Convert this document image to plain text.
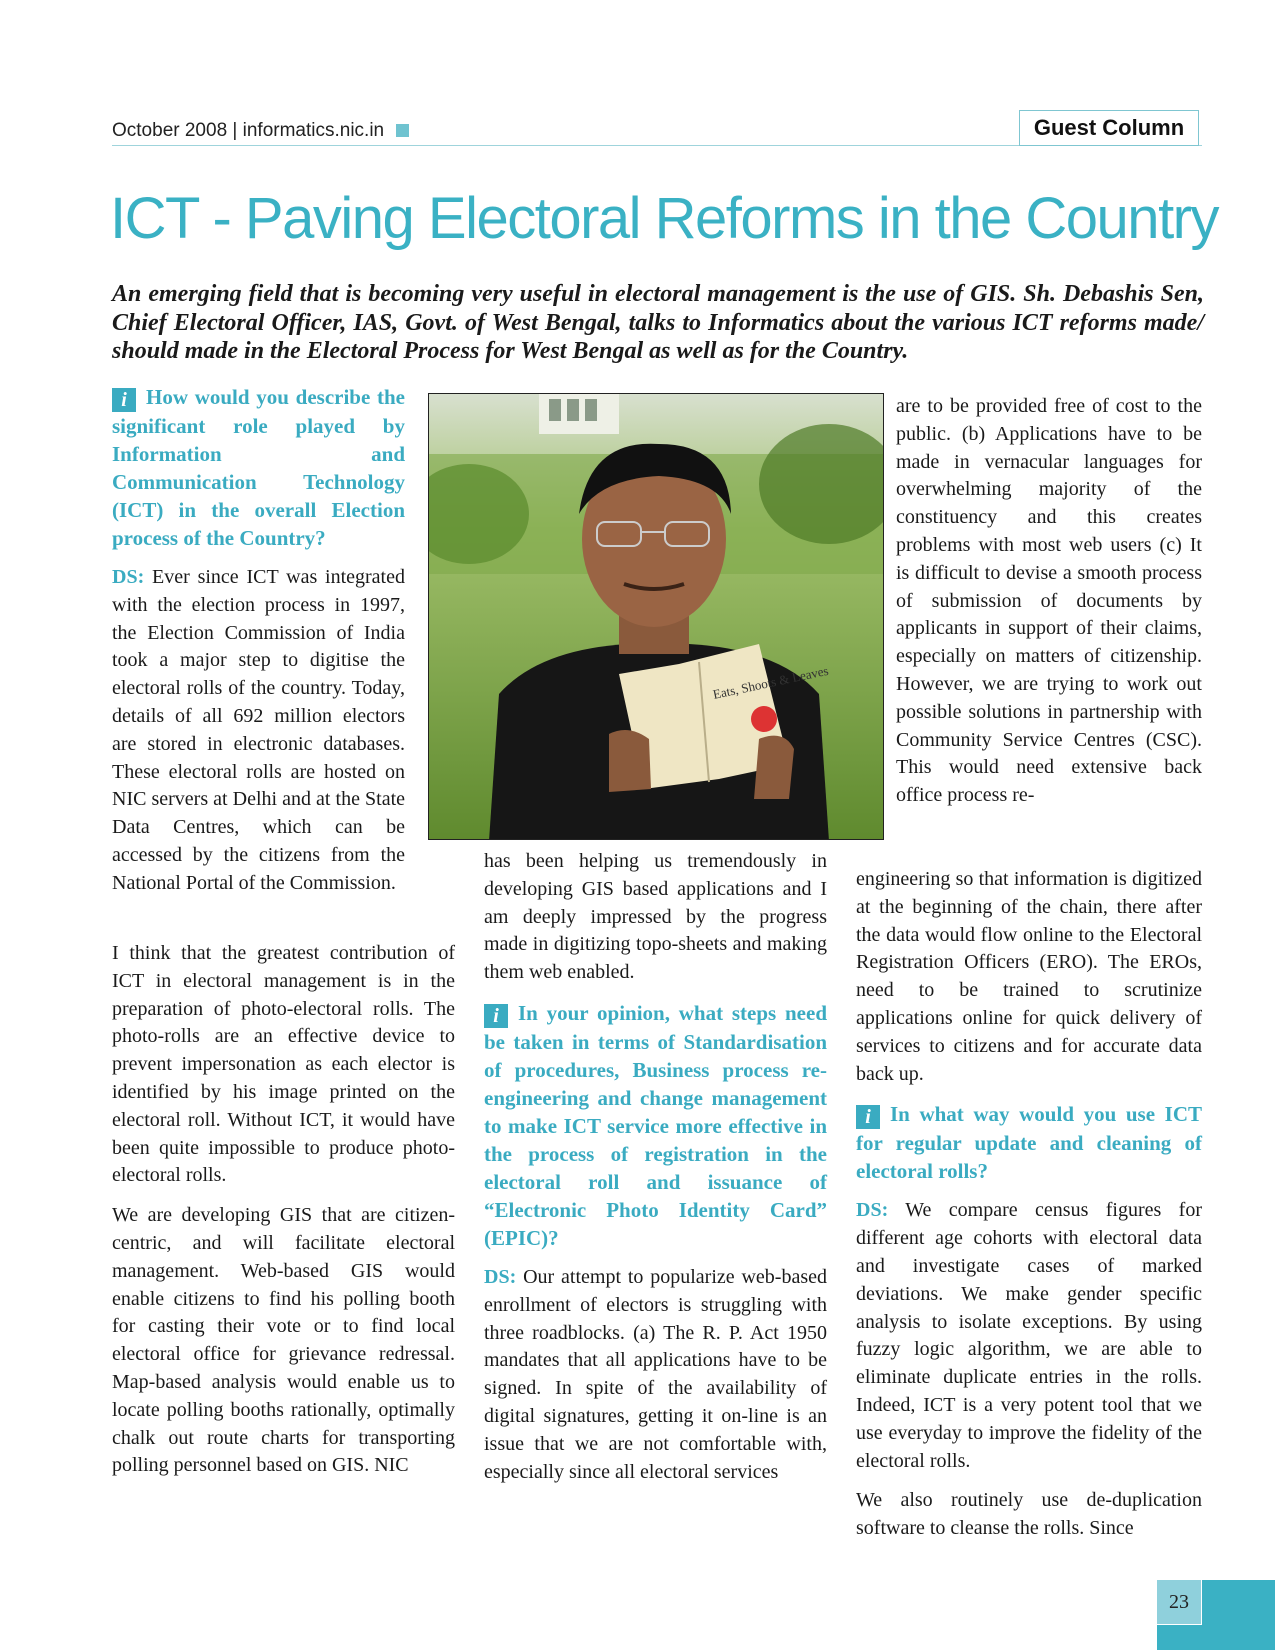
October 2008 | informatics.nic.in	Guest Column
ICT - Paving Electoral Reforms in the Country
An emerging field that is becoming very useful in electoral management is the use of GIS. Sh. Debashis Sen, Chief Electoral Officer, IAS, Govt. of West Bengal, talks to Informatics about the various ICT reforms made/ should made in the Electoral Process for West Bengal as well as for the Country.
Eats, Shoots & Leaves

i How would you describe the significant role played by Information and Communication Technology (ICT) in the overall Election process of the Country?

DS: Ever since ICT was integrated with the election process in 1997, the Election Commission of India took a major step to digitise the electoral rolls of the country. Today, details of all 692 million electors are stored in electronic databases. These electoral rolls are hosted on NIC servers at Delhi and at the State Data Centres, which can be accessed by the citizens from the National Portal of the Commission.

I think that the greatest contribution of ICT in electoral management is in the preparation of photo-electoral rolls. The photo-rolls are an effective device to prevent impersonation as each elector is identified by his image printed on the electoral roll. Without ICT, it would have been quite impossible to produce photo-electoral rolls.

We are developing GIS that are citizen-centric, and will facilitate electoral management. Web-based GIS would enable citizens to find his polling booth for casting their vote or to find local electoral office for grievance redressal. Map-based analysis would enable us to locate polling booths rationally, optimally chalk out route charts for transporting polling personnel based on GIS. NIC

has been helping us tremendously in developing GIS based applications and I am deeply impressed by the progress made in digitizing topo-sheets and making them web enabled.

i In your opinion, what steps need be taken in terms of Standardisation of procedures, Business process re-engineering and change management to make ICT service more effective in the process of registration in the electoral roll and issuance of “Electronic Photo Identity Card” (EPIC)?

DS: Our attempt to popularize web-based enrollment of electors is struggling with three roadblocks. (a) The R. P. Act 1950 mandates that all applications have to be signed. In spite of the availability of digital signatures, getting it on-line is an issue that we are not comfortable with, especially since all electoral services

are to be provided free of cost to the public. (b) Applications have to be made in vernacular languages for overwhelming majority of the constituency and this creates problems with most web users (c) It is difficult to devise a smooth process of submission of documents by applicants in support of their claims, especially on matters of citizenship. However, we are trying to work out possible solutions in partnership with Community Service Centres (CSC). This would need extensive back office process re-

engineering so that information is digitized at the beginning of the chain, there after the data would flow online to the Electoral Registration Officers (ERO). The EROs, need to be trained to scrutinize applications online for quick delivery of services to citizens and for accurate data back up.

i In what way would you use ICT for regular update and cleaning of electoral rolls?

DS: We compare census figures for different age cohorts with electoral data and investigate cases of marked deviations. We make gender specific analysis to isolate exceptions. By using fuzzy logic algorithm, we are able to eliminate duplicate entries in the rolls. Indeed, ICT is a very potent tool that we use everyday to improve the fidelity of the electoral rolls.

We also routinely use de-duplication software to cleanse the rolls. Since

23
